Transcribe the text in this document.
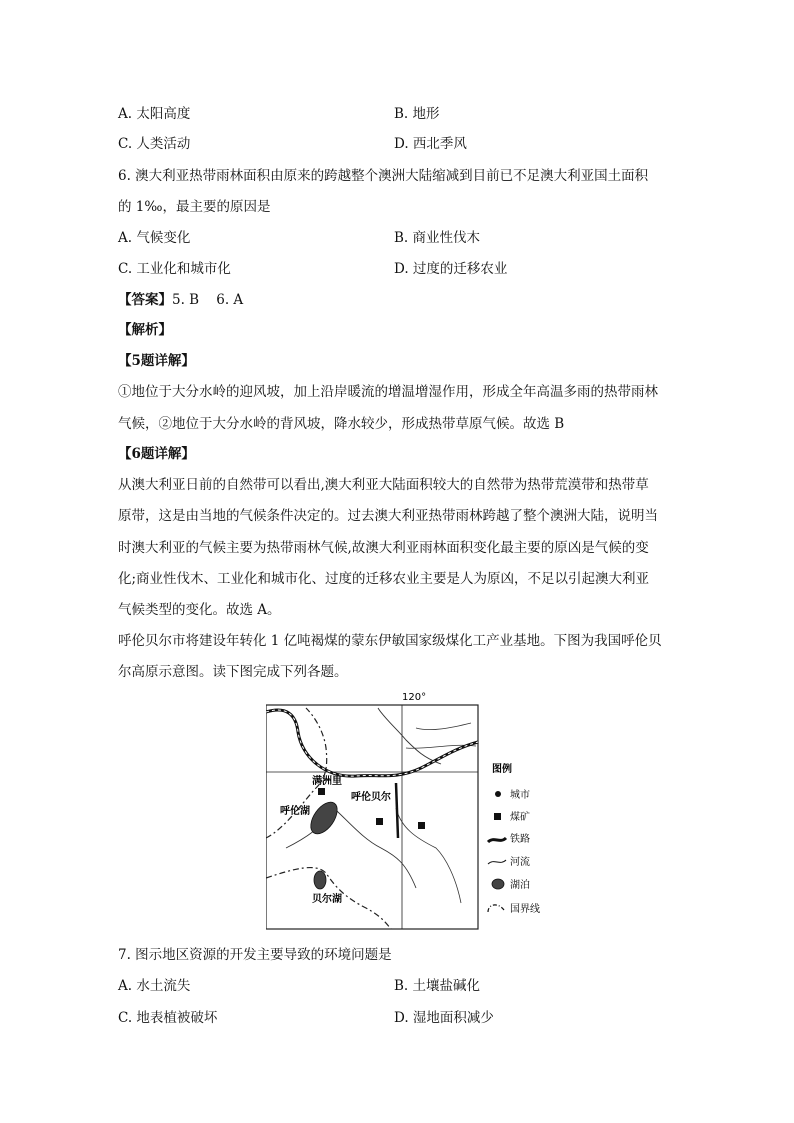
A. 太阳高度	B. 地形
C. 人类活动	D. 西北季风
6. 澳大利亚热带雨林面积由原来的跨越整个澳洲大陆缩减到目前已不足澳大利亚国土面积
的 1‰，最主要的原因是
A. 气候变化	B. 商业性伐木
C. 工业化和城市化	D. 过度的迁移农业
【答案】5. B    6. A
【解析】
【5题详解】
①地位于大分水岭的迎风坡，加上沿岸暖流的增温增湿作用，形成全年高温多雨的热带雨林
气候，②地位于大分水岭的背风坡，降水较少，形成热带草原气候。故选 B
【6题详解】
从澳大利亚日前的自然带可以看出,澳大利亚大陆面积较大的自然带为热带荒漠带和热带草
原带，这是由当地的气候条件决定的。过去澳大利亚热带雨林跨越了整个澳洲大陆，说明当
时澳大利亚的气候主要为热带雨林气候,故澳大利亚雨林面积变化最主要的原凶是气候的变
化;商业性伐木、工业化和城市化、过度的迁移农业主要是人为原凶，不足以引起澳大利亚
气候类型的变化。故选 A。
呼伦贝尔市将建设年转化 1 亿吨褐煤的蒙东伊敏国家级煤化工产业基地。下图为我国呼伦贝
尔高原示意图。读下图完成下列各题。
120°
满洲里
呼伦贝尔
呼伦湖
贝尔湖
图例
城市
煤矿
铁路
河流
湖泊
国界线
7. 图示地区资源的开发主要导致的环境问题是
A. 水土流失	B. 土壤盐碱化
C. 地表植被破坏	D. 湿地面积减少
